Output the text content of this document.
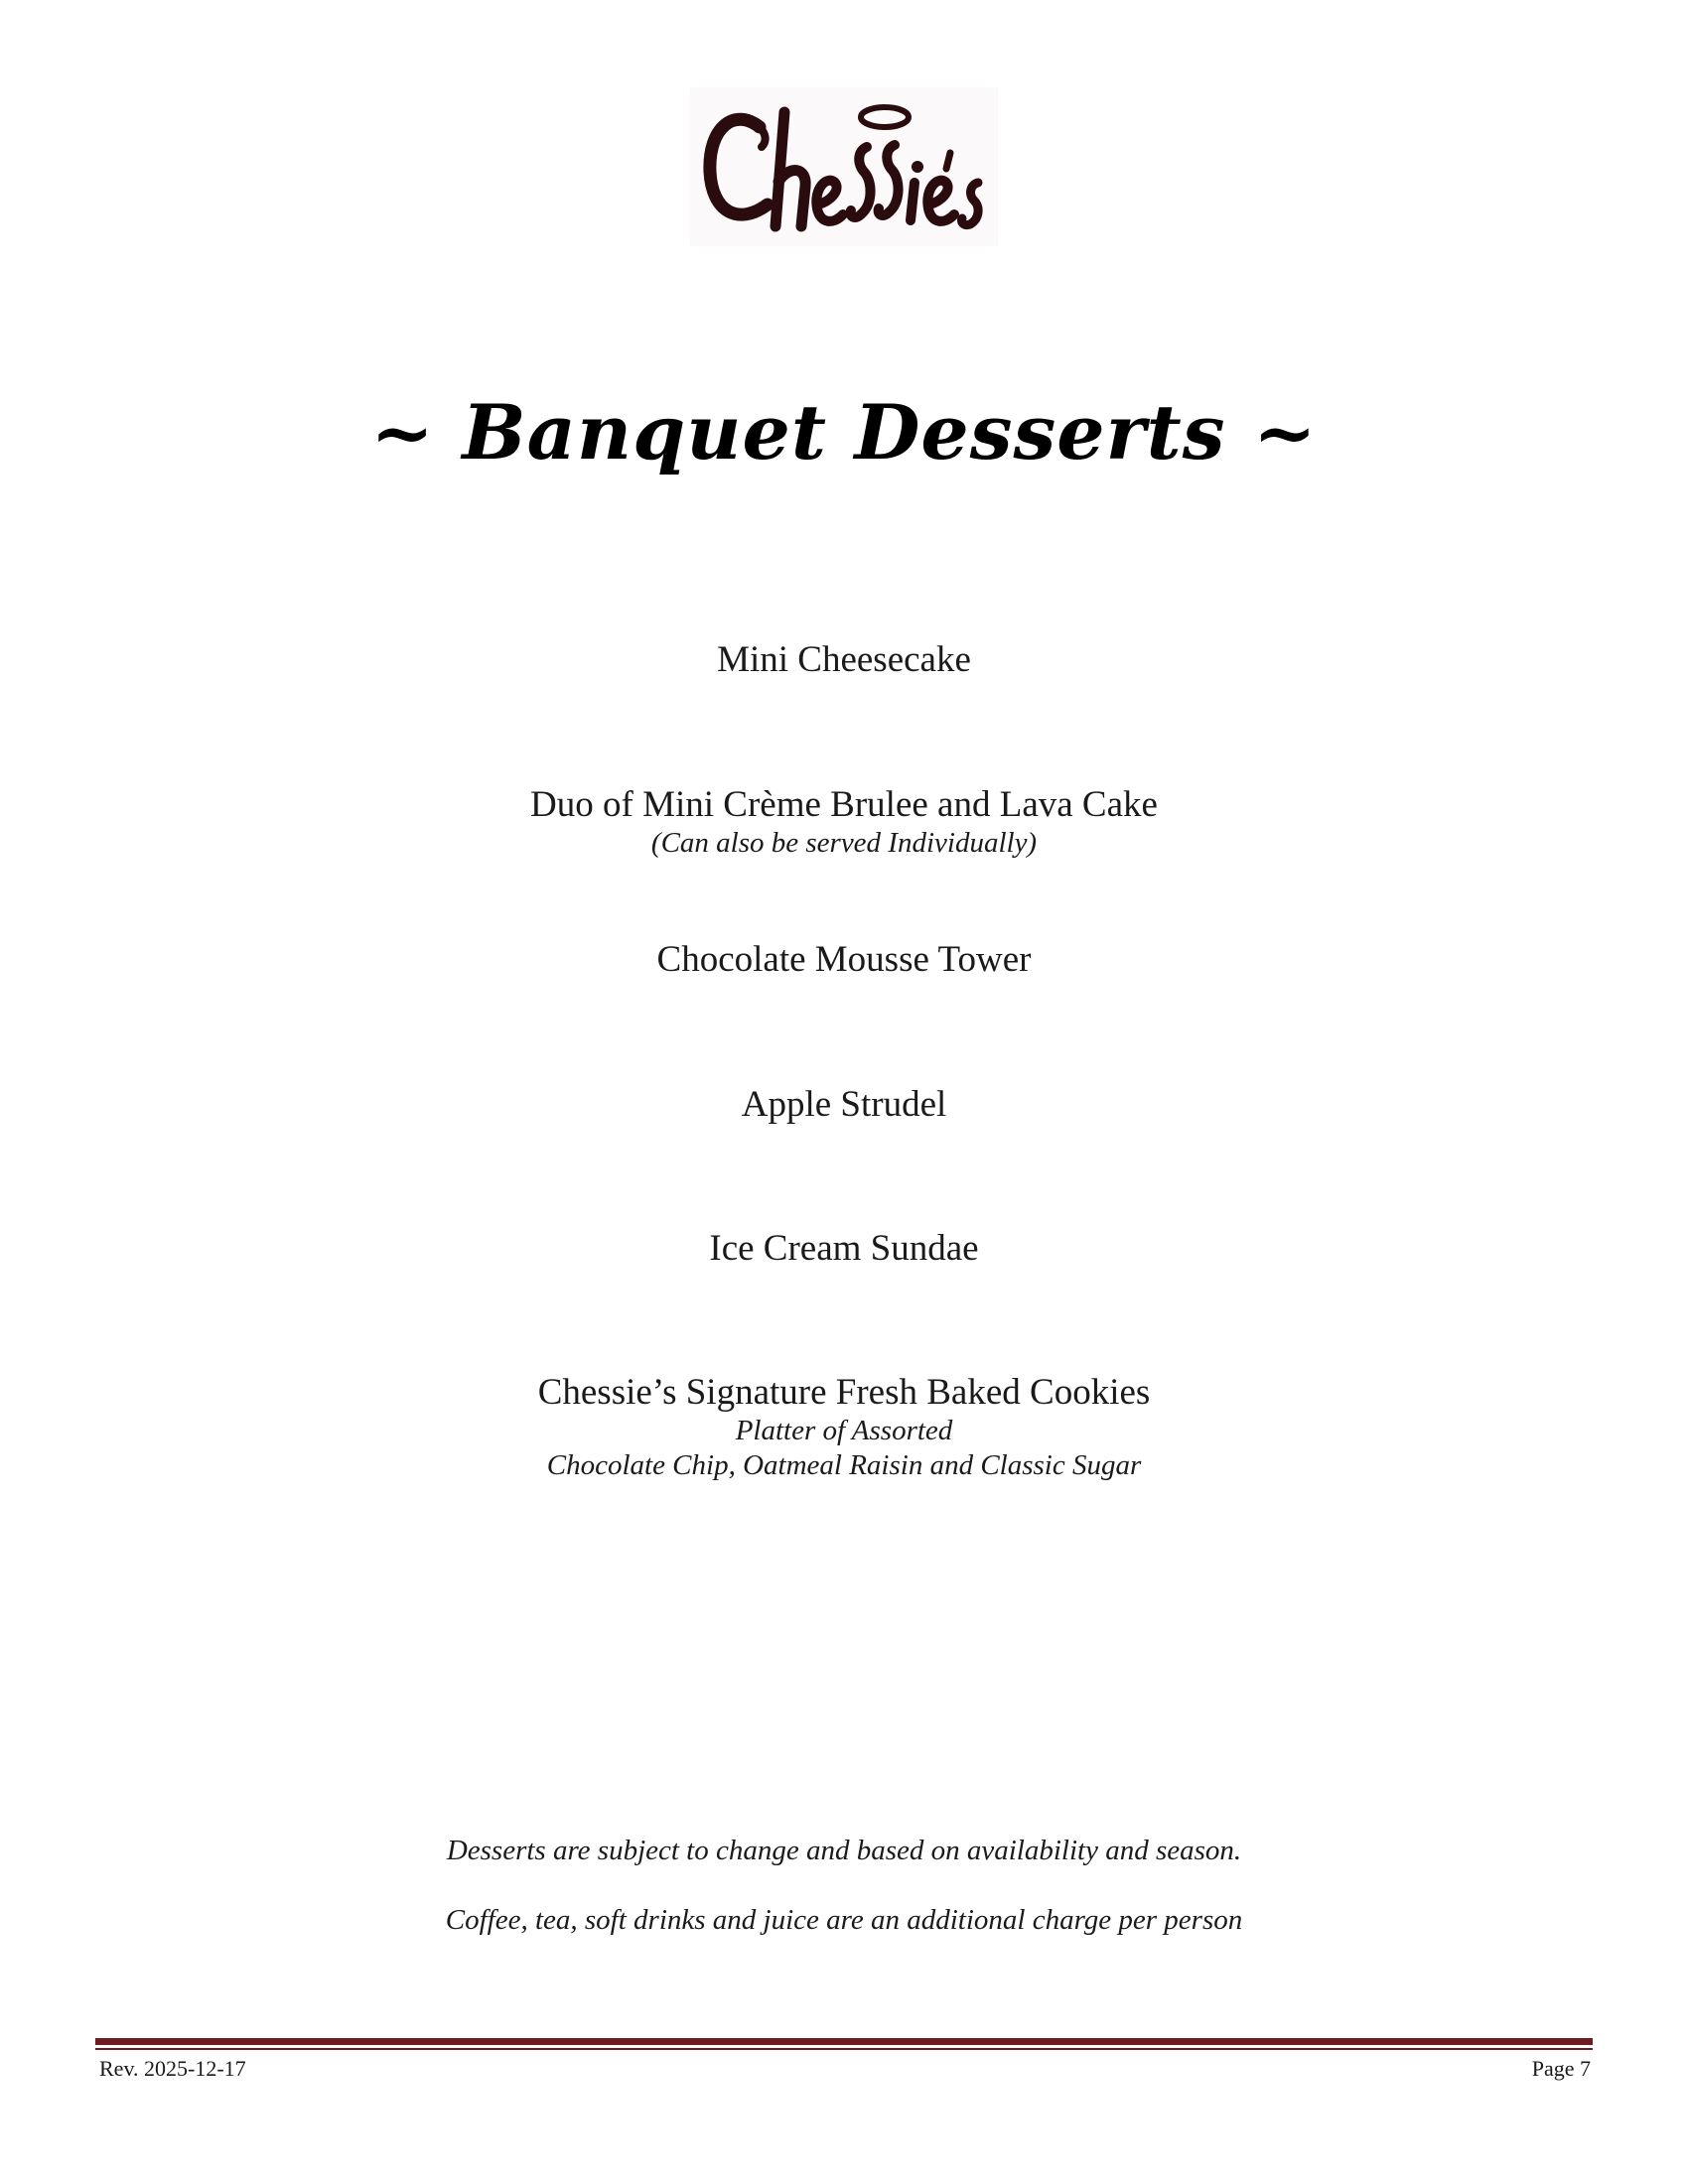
~ Banquet Desserts ~
Mini Cheesecake
Duo of Mini Crème Brulee and Lava Cake
(Can also be served Individually)
Chocolate Mousse Tower
Apple Strudel
Ice Cream Sundae
Chessie’s Signature Fresh Baked Cookies
Platter of Assorted
Chocolate Chip, Oatmeal Raisin and Classic Sugar
Desserts are subject to change and based on availability and season.
Coffee, tea, soft drinks and juice are an additional charge per person
Rev. 2025-12-17	Page 7
